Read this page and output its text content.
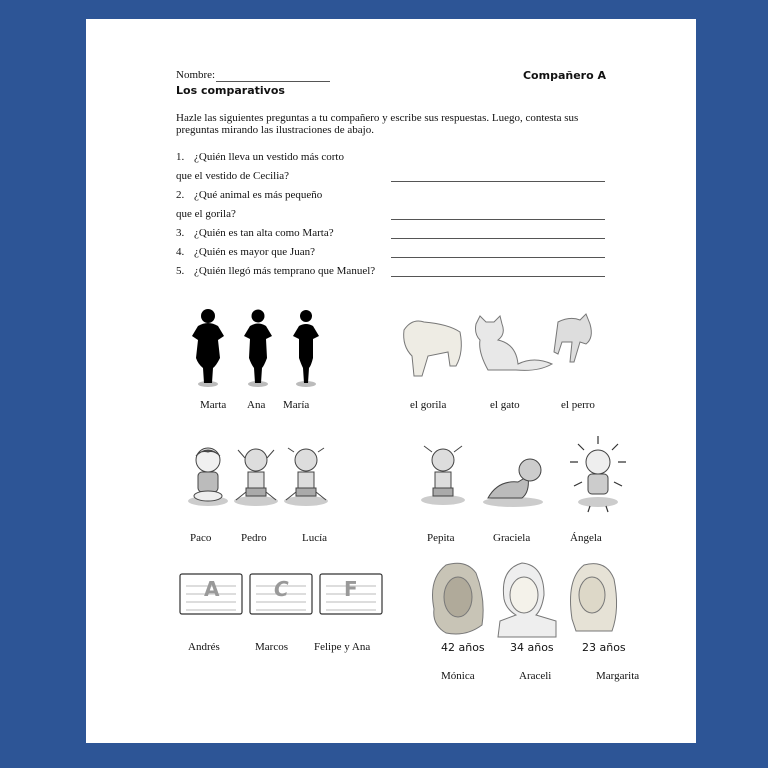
Nombre:	Compañero A
Los comparativos
Hazle las siguientes preguntas a tu compañero y escribe sus respuestas. Luego, contesta sus preguntas mirando las ilustraciones de abajo.
1. ¿Quién lleva un vestido más corto
que el vestido de Cecilia?
2. ¿Qué animal es más pequeño
que el gorila?
3. ¿Quién es tan alta como Marta?
4. ¿Quién es mayor que Juan?
5. ¿Quién llegó más temprano que Manuel?
Marta Ana María	el gorila	el gato	el perro
Paco	Pedro	Lucía	Pepita	Graciela	Ángela
A	C	F
Andrés	Marcos Felipe y Ana	42 años 34 años	23 años
Mónica	Araceli	Margarita
